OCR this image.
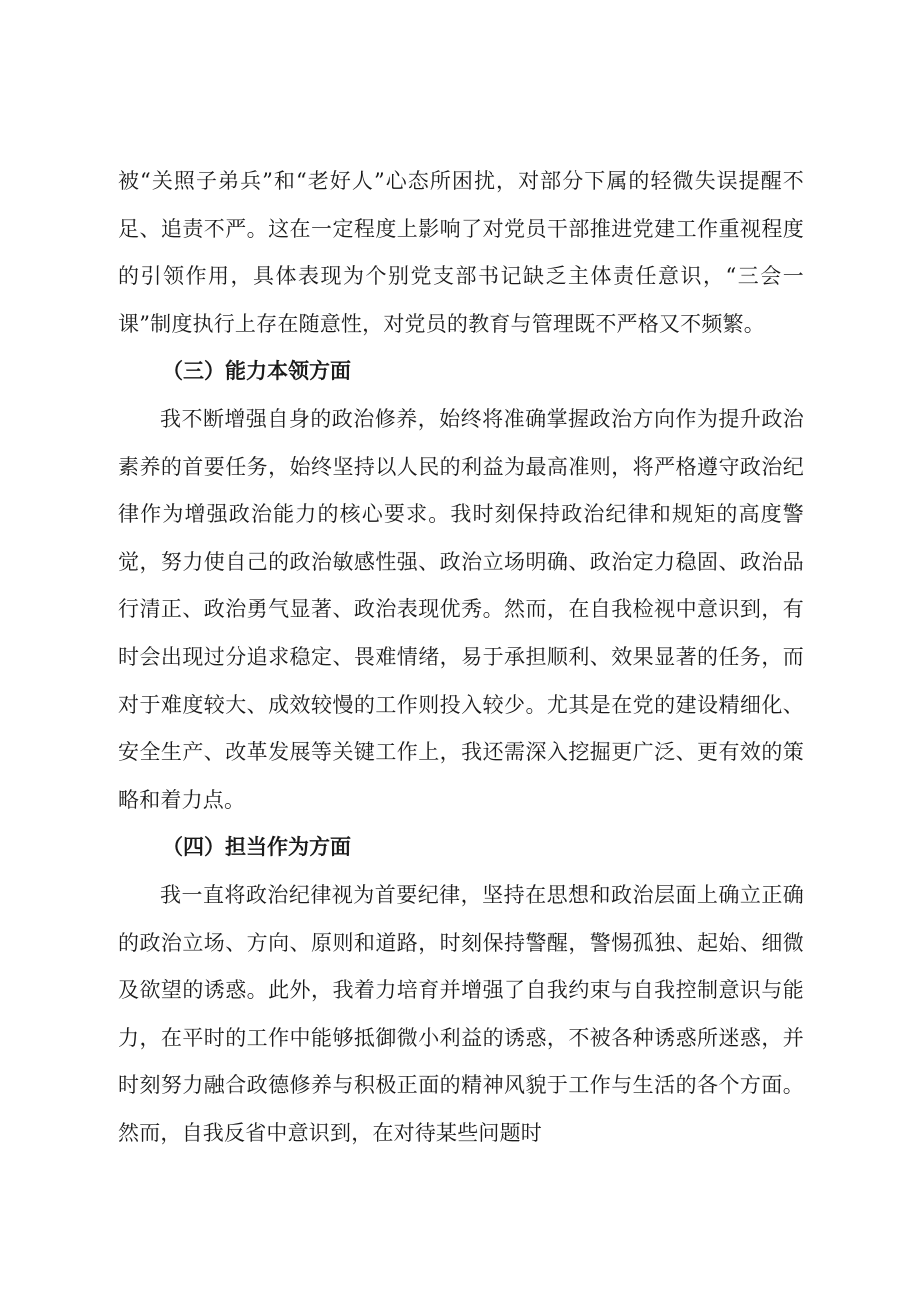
被“关照子弟兵”和“老好人”心态所困扰，对部分下属的轻微失误提醒不足、追责不严。这在一定程度上影响了对党员干部推进党建工作重视程度的引领作用，具体表现为个别党支部书记缺乏主体责任意识，“三会一课”制度执行上存在随意性，对党员的教育与管理既不严格又不频繁。

（三）能力本领方面

我不断增强自身的政治修养，始终将准确掌握政治方向作为提升政治素养的首要任务，始终坚持以人民的利益为最高准则，将严格遵守政治纪律作为增强政治能力的核心要求。我时刻保持政治纪律和规矩的高度警觉，努力使自己的政治敏感性强、政治立场明确、政治定力稳固、政治品行清正、政治勇气显著、政治表现优秀。然而，在自我检视中意识到，有时会出现过分追求稳定、畏难情绪，易于承担顺利、效果显著的任务，而对于难度较大、成效较慢的工作则投入较少。尤其是在党的建设精细化、安全生产、改革发展等关键工作上，我还需深入挖掘更广泛、更有效的策略和着力点。

（四）担当作为方面

我一直将政治纪律视为首要纪律，坚持在思想和政治层面上确立正确的政治立场、方向、原则和道路，时刻保持警醒，警惕孤独、起始、细微及欲望的诱惑。此外，我着力培育并增强了自我约束与自我控制意识与能力，在平时的工作中能够抵御微小利益的诱惑，不被各种诱惑所迷惑，并时刻努力融合政德修养与积极正面的精神风貌于工作与生活的各个方面。然而，自我反省中意识到，在对待某些问题时
